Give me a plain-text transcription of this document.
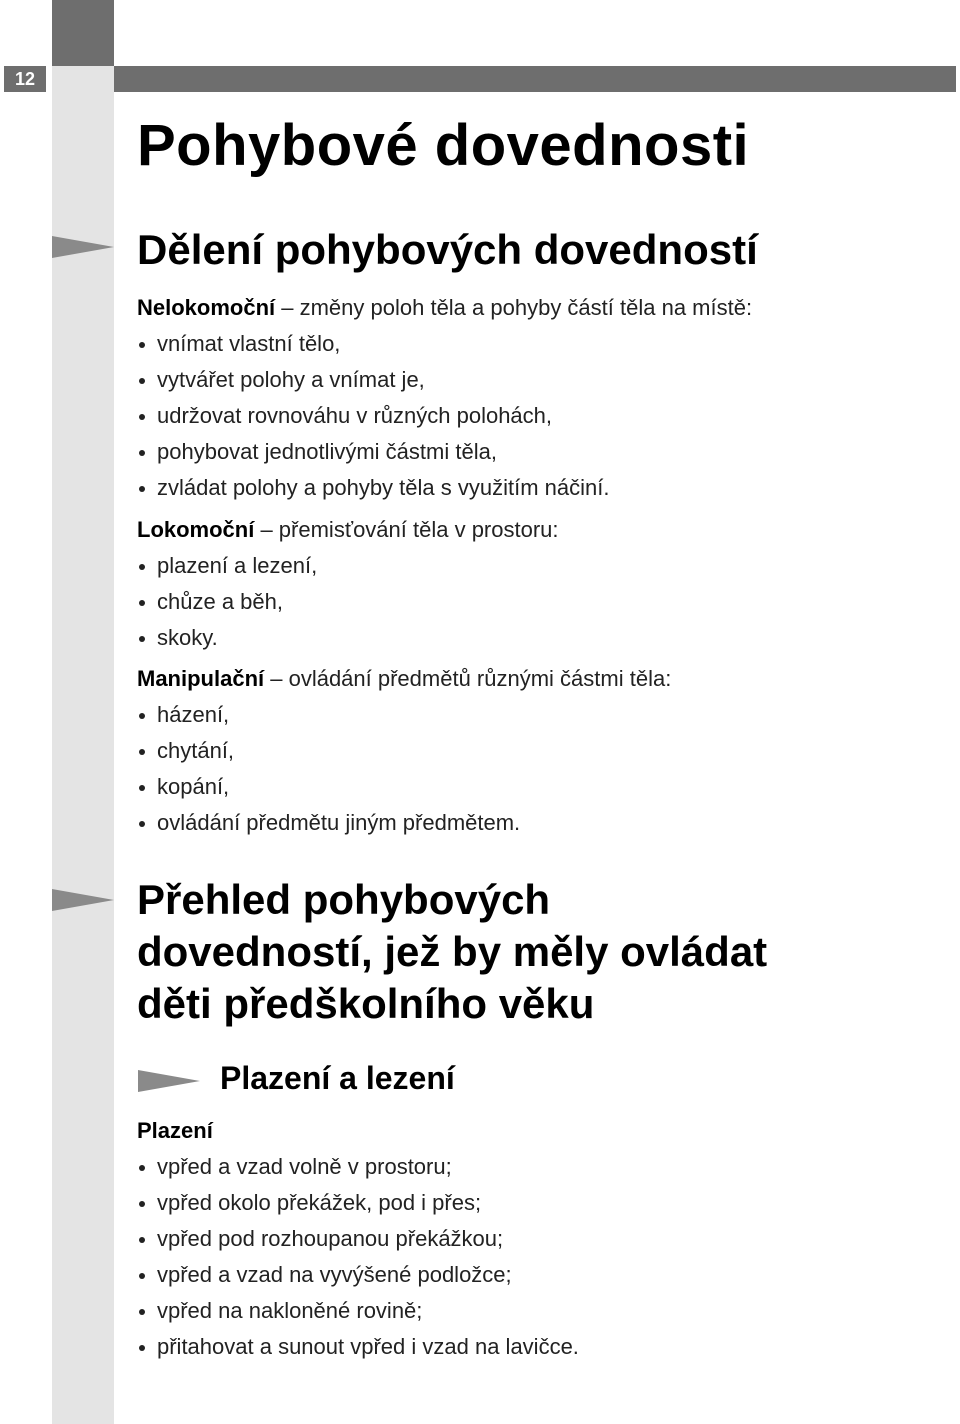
12
Pohybové dovednosti
Dělení pohybových dovedností
Nelokomoční – změny poloh těla a pohyby částí těla na místě:
vnímat vlastní tělo,
vytvářet polohy a vnímat je,
udržovat rovnováhu v různých polohách,
pohybovat jednotlivými částmi těla,
zvládat polohy a pohyby těla s využitím náčiní.
Lokomoční – přemisťování těla v prostoru:
plazení a lezení,
chůze a běh,
skoky.
Manipulační – ovládání předmětů různými částmi těla:
házení,
chytání,
kopání,
ovládání předmětu jiným předmětem.
Přehled pohybových
dovedností, jež by měly ovládat
děti předškolního věku
Plazení a lezení
Plazení
vpřed a vzad volně v prostoru;
vpřed okolo překážek, pod i přes;
vpřed pod rozhoupanou překážkou;
vpřed a vzad na vyvýšené podložce;
vpřed na nakloněné rovině;
přitahovat a sunout vpřed i vzad na lavičce.
